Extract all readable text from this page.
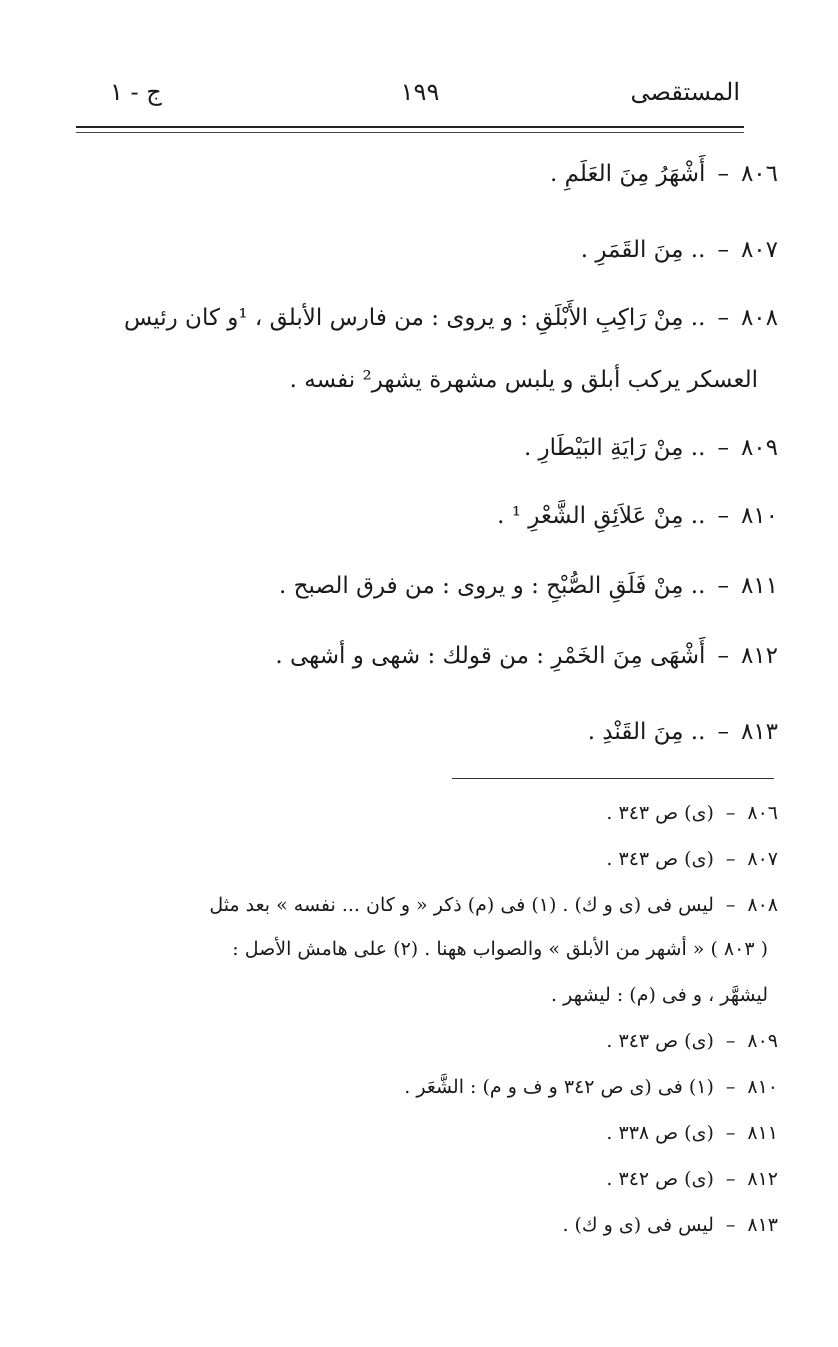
المستقصى
١٩٩
ج - ١
٨٠٦
–
أَشْهَرُ مِنَ العَلَمِ .
٨٠٧
–
.. مِنَ القَمَرِ .
٨٠٨
–
.. مِنْ رَاكِبِ الأَبْلَقِ : و يروى : من فارس الأبلق ، ¹و كان رئيس
العسكر يركب أبلق و يلبس مشهرة يشهر² نفسه .
٨٠٩
–
.. مِنْ رَايَةِ البَيْطَارِ .
٨١٠
–
.. مِنْ عَلاَئِقِ الشَّعْرِ ¹ .
٨١١
–
.. مِنْ فَلَقِ الصُّبْحِ : و يروى : من فرق الصبح .
٨١٢
–
أَشْهَى مِنَ الخَمْرِ : من قولك : شهى و أشهى .
٨١٣
–
.. مِنَ القَنْدِ .
٨٠٦
–
(ى) ص ٣٤٣ .
٨٠٧
–
(ى) ص ٣٤٣ .
٨٠٨
–
ليس فى (ى و ك) . (١) فى (م) ذكر « و كان ... نفسه » بعد مثل
( ٨٠٣ ) « أشهر من الأبلق » والصواب ههنا . (٢) على هامش الأصل :
ليشهَّر ، و فى (م) : ليشهر .
٨٠٩
–
(ى) ص ٣٤٣ .
٨١٠
–
(١) فى (ى ص ٣٤٢ و ف و م) : الشَّعَر .
٨١١
–
(ى) ص ٣٣٨ .
٨١٢
–
(ى) ص ٣٤٢ .
٨١٣
–
ليس فى (ى و ك) .
